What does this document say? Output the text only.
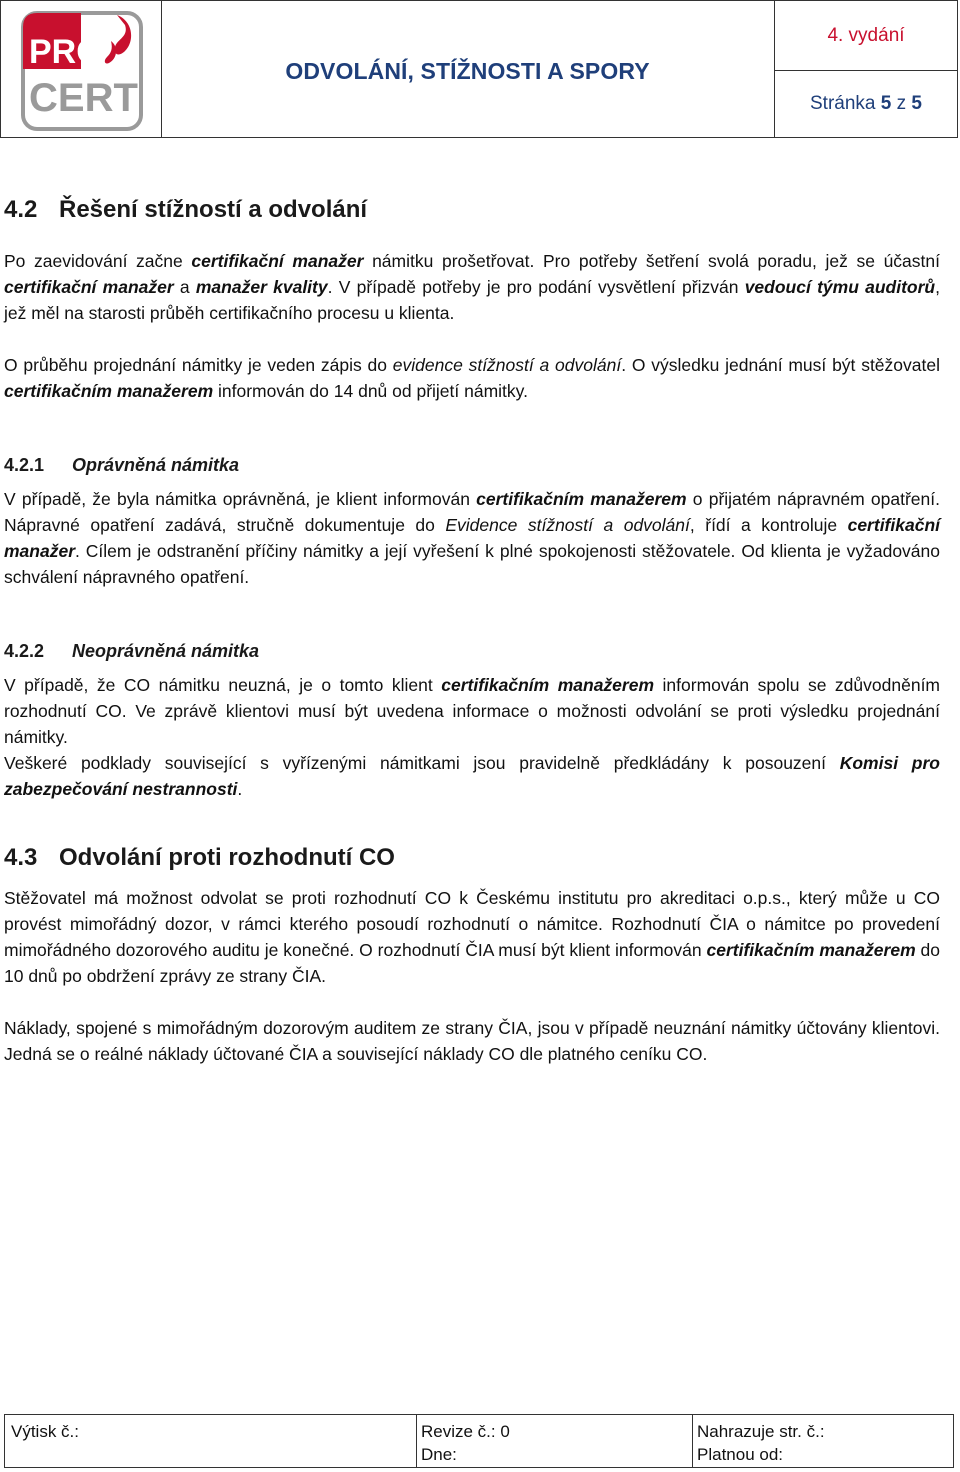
PRO
CERT
ODVOLÁNÍ, STÍŽNOSTI A SPORY
4. vydání
Stránka
5
z
5
4.2 Řešení stížností a odvolání

Po zaevidování začne certifikační manažer námitku prošetřovat. Pro potřeby šetření svolá poradu, jež se účastní certifikační manažer a manažer kvality. V případě potřeby je pro podání vysvětlení přizván vedoucí týmu auditorů, jež měl na starosti průběh certifikačního procesu u klienta.

O průběhu projednání námitky je veden zápis do evidence stížností a odvolání. O výsledku jednání musí být stěžovatel certifikačním manažerem informován do 14 dnů od přijetí námitky.

4.2.1 Oprávněná námitka

V případě, že byla námitka oprávněná, je klient informován certifikačním manažerem o přijatém nápravném opatření. Nápravné opatření zadává, stručně dokumentuje do Evidence stížností a odvolání, řídí a kontroluje certifikační manažer. Cílem je odstranění příčiny námitky a její vyřešení k plné spokojenosti stěžovatele. Od klienta je vyžadováno schválení nápravného opatření.

4.2.2 Neoprávněná námitka

V případě, že CO námitku neuzná, je o tomto klient certifikačním manažerem informován spolu se zdůvodněním rozhodnutí CO. Ve zprávě klientovi musí být uvedena informace o možnosti odvolání se proti výsledku projednání námitky.

Veškeré podklady související s vyřízenými námitkami jsou pravidelně předkládány k posouzení Komisi pro zabezpečování nestrannosti.

4.3 Odvolání proti rozhodnutí CO

Stěžovatel má možnost odvolat se proti rozhodnutí CO k Českému institutu pro akreditaci o.p.s., který může u CO provést mimořádný dozor, v rámci kterého posoudí rozhodnutí o námitce. Rozhodnutí ČIA o námitce po provedení mimořádného dozorového auditu je konečné. O rozhodnutí ČIA musí být klient informován certifikačním manažerem do 10 dnů po obdržení zprávy ze strany ČIA.

Náklady, spojené s mimořádným dozorovým auditem ze strany ČIA, jsou v případě neuznání námitky účtovány klientovi. Jedná se o reálné náklady účtované ČIA a související náklady CO dle platného ceníku CO.

Výtisk č.:	Revize č.: 0
Dne:
Nahrazuje str. č.:
Platnou od:
